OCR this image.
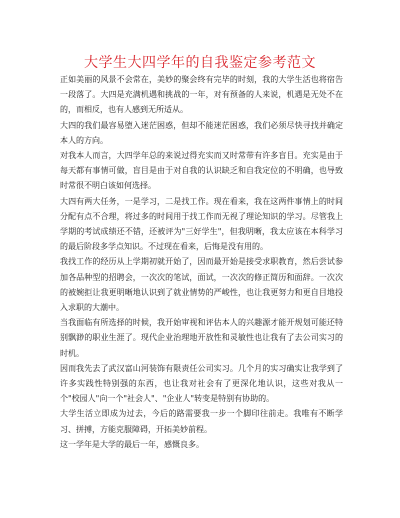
大学生大四学年的自我鉴定参考范文

正如美丽的风景不会常在，美妙的聚会终有完毕的时刻，我的大学生活也将宿告一段落了。大四是充满机遇和挑战的一年，对有预备的人来说，机遇是无处不在的，而相反，也有人感到无所适从。

大四的我们最容易堕入迷茫困惑，但却不能迷茫困惑，我们必须尽快寻找并确定本人的方向。

对我本人而言，大四学年总的来说过得充实而又时常带有许多盲目。充实是由于每天都有事情可做，盲目是由于对自我的认识缺乏和自我定位的不明确，也导致时常很不明白该如何选择。

大四有两大任务，一是学习，二是找工作。现在看来，我在这两件事情上的时间分配有点不合理，将过多的时间用于找工作而无视了理论知识的学习。尽管我上学期的考试成绩还不错，还被评为"三好学生"，但我明晰，我太应该在本科学习的最后阶段多学点知识。不过现在看来，后悔是没有用的。

我找工作的经历从上学期初就开始了，因而最开始是接受求职教育，然后尝试参加各品种型的招聘会，一次次的笔试，面试，一次次的修正简历和面辞。一次次的被婉拒让我更明晰地认识到了就业情势的严峻性，也让我更努力和更自目地投入求职的大潮中。

当我面临有所选择的时候，我开始审视和评估本人的兴趣源才能开规划可能还特别飘渺的职业生涯了。现代企业治理地开放性和灵敏性也让我有了去公司实习的时机。

因而我先去了武汉富山河装饰有限责任公司实习。几个月的实习确实让我学到了许多实践性特别强的东西，也让我对社会有了更深化地认识，这些对我从一个"校园人"向一个"社会人"、"企业人"转变是特别有协助的。

大学生活立即成为过去，今后的路需要我一步一个脚印往前走。我唯有不断学习、拼搏，方能克服障碍，开拓美妙前程。

这一学年是大学的最后一年，感慨良多。
